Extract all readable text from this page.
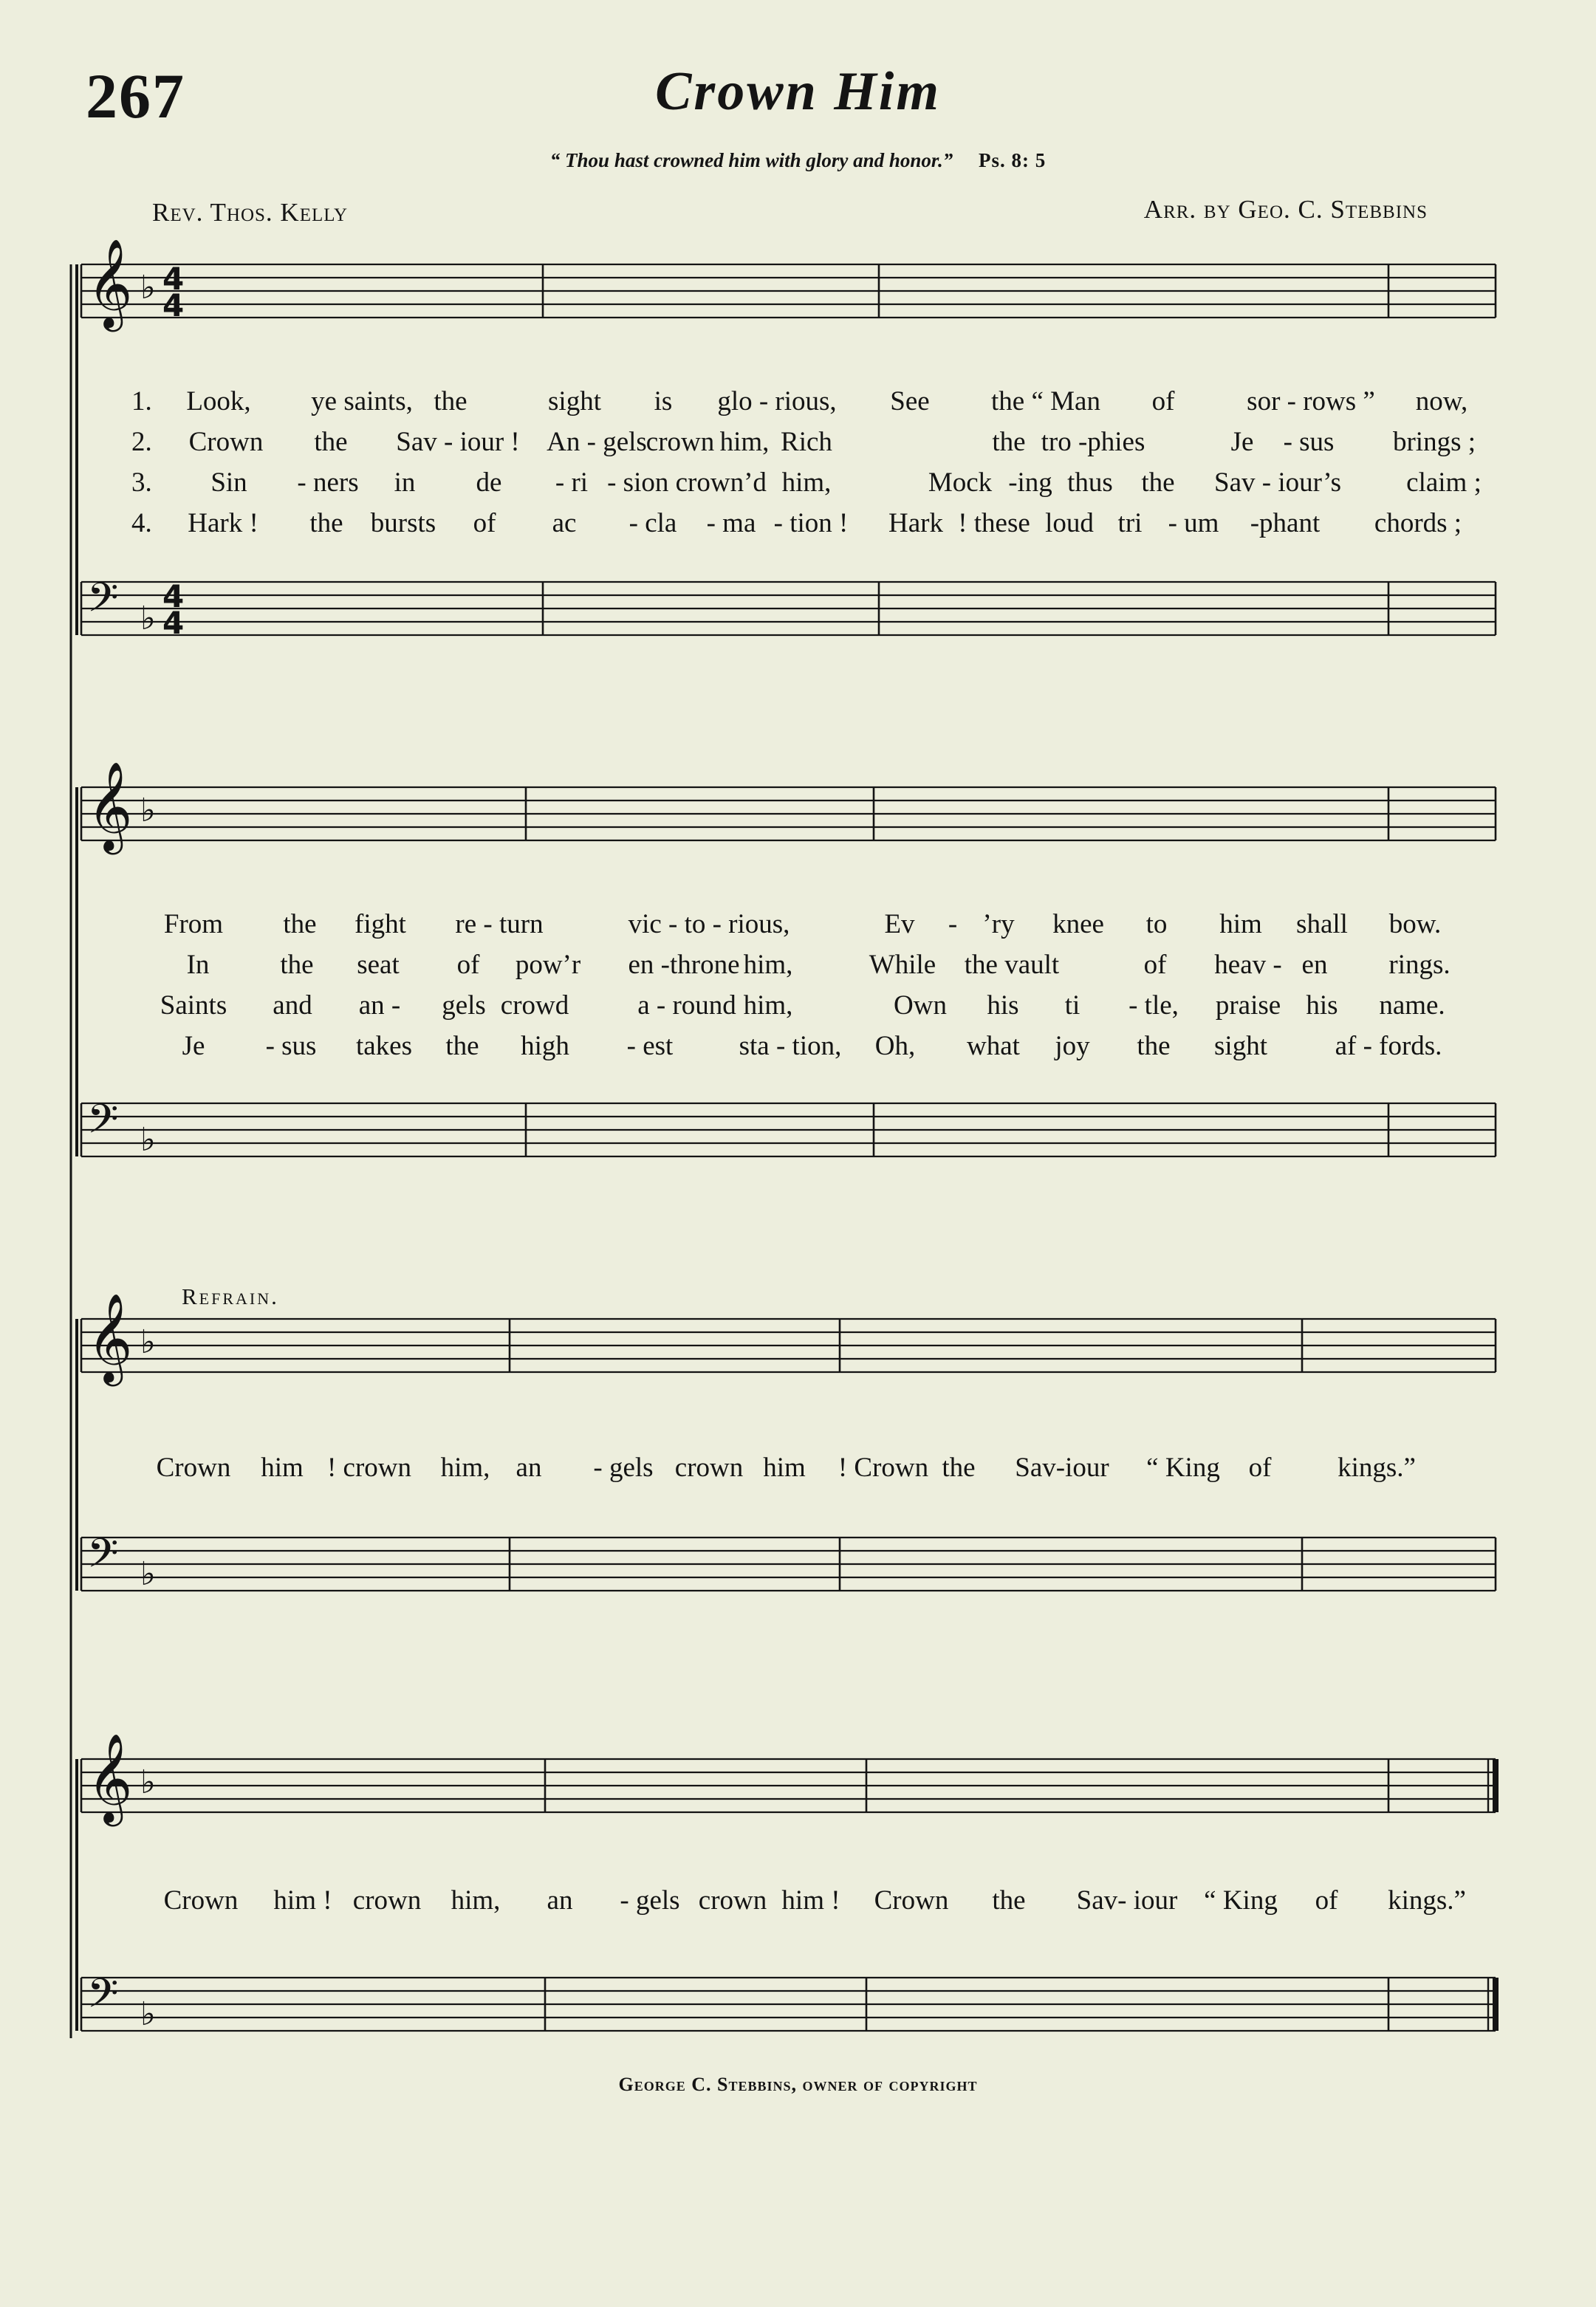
267	Crown Him
“ Thou hast crowned him with glory and honor.” Ps. 8: 5
Rev. Thos. Kelly	Arr. by Geo. C. Stebbins
𝄞 ♭ 4
4
𝄢 ♭
4
4
𝄞 ♭
𝄢 ♭
𝄞 ♭
𝄢 ♭
𝄞 ♭
𝄢 ♭
1. Look, ye saints, the	sight is glo - rious, See the “ Man of	sor - rows ” now,
2. Crown the Sav - iour ! An - gels
crown him, Rich	the tro -phies	Je - sus brings ;
3. Sin - ners in de - ri - sion crown’d him,	Mock -ing thus the Sav - iour’s claim ;
4. Hark ! the bursts of ac - cla - ma - tion ! Hark ! these loud tri - um -phant chords ;
From the fight re - turn	vic - to - rious,	Ev - ’ry knee to him shall bow.
In	the seat of pow’r en -throne him,	While the vault	of heav - en rings.
Saints and an - gels crowd	a - round him,	Own his ti - tle, praise his name.
Je - sus takes the high - est sta - tion, Oh, what joy the sight af - fords.
Refrain.
Crown him ! crown him, an - gels crown him ! Crown the Sav-iour “ King of kings.”
Crown him ! crown him, an - gels crown him ! Crown the Sav- iour “ King of kings.”
George C. Stebbins, owner of copyright
